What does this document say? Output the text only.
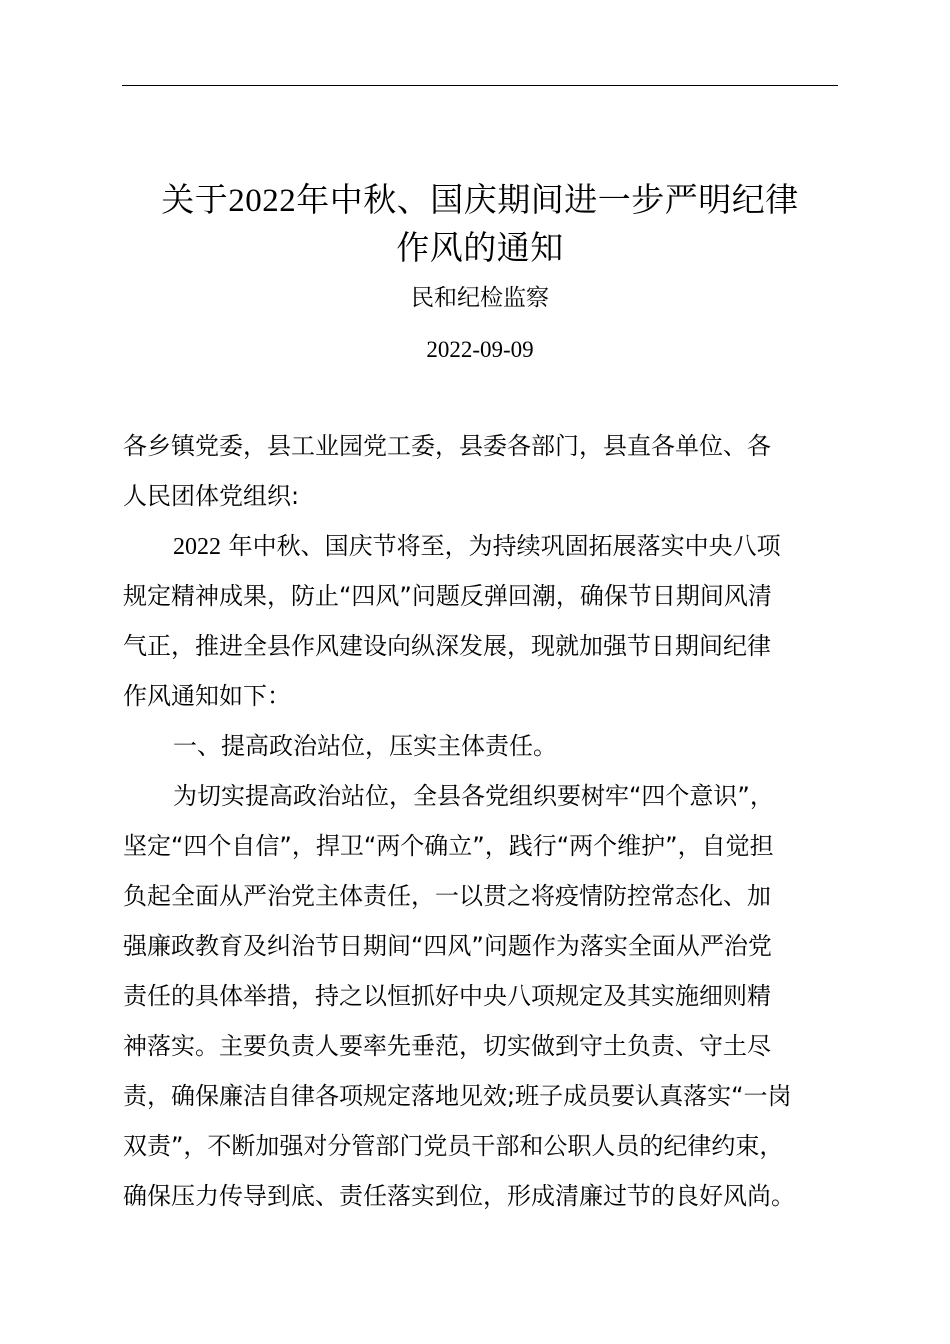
关于2022年中秋、国庆期间进一步严明纪律
作风的通知
民和纪检监察
2022-09-09
各乡镇党委，县工业园党工委，县委各部门，县直各单位、各
人民团体党组织:
2022 年中秋、国庆节将至，为持续巩固拓展落实中央八项
规定精神成果，防止“四风”问题反弹回潮，确保节日期间风清
气正，推进全县作风建设向纵深发展，现就加强节日期间纪律
作风通知如下：
一、提高政治站位，压实主体责任。
为切实提高政治站位，全县各党组织要树牢“四个意识”，
坚定“四个自信”，捍卫“两个确立”，践行“两个维护”，自觉担
负起全面从严治党主体责任，一以贯之将疫情防控常态化、加
强廉政教育及纠治节日期间“四风”问题作为落实全面从严治党
责任的具体举措，持之以恒抓好中央八项规定及其实施细则精
神落实。主要负责人要率先垂范，切实做到守土负责、守土尽
责，确保廉洁自律各项规定落地见效;班子成员要认真落实“一岗
双责”，不断加强对分管部门党员干部和公职人员的纪律约束，
确保压力传导到底、责任落实到位，形成清廉过节的良好风尚。
